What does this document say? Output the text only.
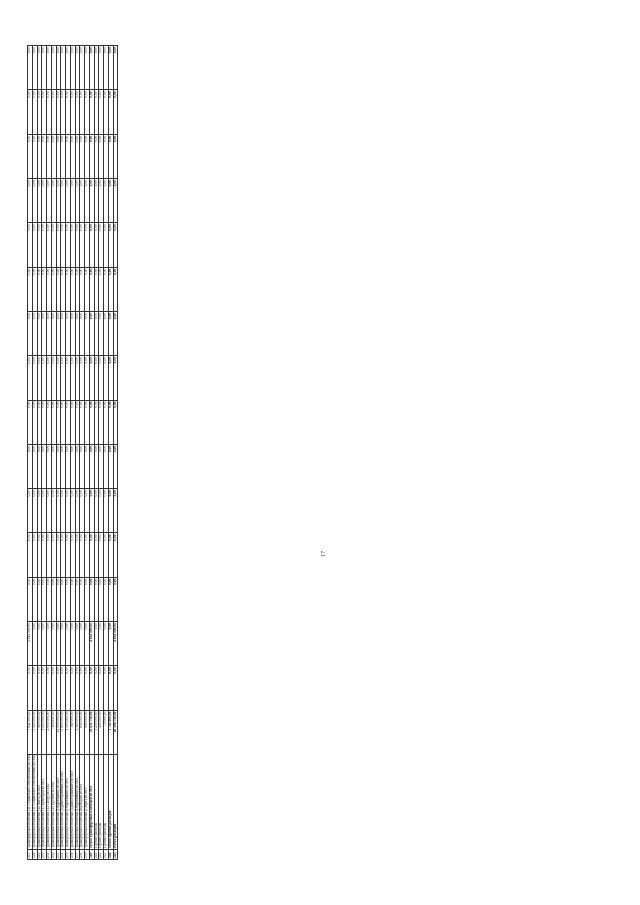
227	Трансфертные платежи (11 Социальное обеспечение) из МО	7 641 900,00	0,00	4 614 900,00	0,00	0,00	0,00	0,00	0,00	0,00	0,00	0,00	0,00	0,00	0,00	0,00	0,00
228	Трансфертные платежи (11 Социальное обеспечение) из МО	3 520 000,00	0,00	0,00	0,00	0,00	0,00	0,00	0,00	0,00	0,00	0,00	0,00	0,00	0,00	0,00	0,00
229	Трансфертные платежи (12 ЖКХ) из МО	400 000,00	0,00	0,00	0,00	0,00	0,00	0,00	0,00	0,00	0,00	0,00	0,00	0,00	0,00	0,00	0,00
230	Трансфертные платежи (13 Культура) из МО	1 200 000,00	0,00	0,00	0,00	0,00	0,00	0,00	0,00	0,00	0,00	0,00	0,00	0,00	0,00	0,00	0,00
231	Трансфертные платежи (14 Спорт) из МО	2 000 000,00	0,00	0,00	0,00	0,00	0,00	0,00	0,00	0,00	0,00	0,00	0,00	0,00	0,00	0,00	0,00
232	Трансфертные платежи (15 Прочие) из МО	159 850,00	0,00	0,00	0,00	0,00	0,00	0,00	0,00	0,00	0,00	0,00	0,00	0,00	0,00	0,00	0,00
233	Трансфертные платежи (Образование) из МО	12 500 000,00	0,00	0,00	0,00	0,00	0,00	0,00	0,00	0,00	0,00	0,00	0,00	0,00	0,00	0,00	0,00
234	Трансфертные платежи (Здравоохранение) из МО	5 800 000,00	0,00	0,00	0,00	0,00	0,00	0,00	0,00	0,00	0,00	0,00	0,00	0,00	0,00	0,00	0,00
235	Трансфертные платежи (Образование) из МО	1 300 000,00	0,00	0,00	0,00	0,00	0,00	0,00	0,00	0,00	0,00	0,00	0,00	0,00	0,00	0,00	0,00
236	Трансфертные платежи (Здравоохранение) из МО	780 000,00	0,00	0,00	0,00	0,00	0,00	0,00	0,00	0,00	0,00	0,00	0,00	0,00	0,00	0,00	0,00
237	Трансфертные платежи (Образование) из МО	2 100 000,00	0,00	0,00	0,00	0,00	0,00	0,00	0,00	0,00	0,00	0,00	0,00	0,00	0,00	0,00	0,00
238	Трансфертные платежи (Культура) из МО	650 000,00	0,00	0,00	0,00	0,00	0,00	0,00	0,00	0,00	0,00	0,00	0,00	0,00	0,00	0,00	0,00
239	Трансфертные платежи (Спорт) из МО	900 000,00	0,00	0,00	0,00	0,00	0,00	0,00	0,00	0,00	0,00	0,00	0,00	0,00	0,00	0,00	0,00
240	Итого трансфертных платежей из МО	38 851 750,00	0,00	4 614 900,00	0,00	0,00	0,00	0,00	0,00	0,00	0,00	0,00	0,00	0,00	0,00	0,00	0,00
241	Прочие расходы	1 250 000,00	0,00	0,00	0,00	0,00	0,00	0,00	0,00	0,00	0,00	0,00	0,00	0,00	0,00	0,00	0,00
242	Прочие расходы	420 000,00	0,00	0,00	0,00	0,00	0,00	0,00	0,00	0,00	0,00	0,00	0,00	0,00	0,00	0,00	0,00
243	Прочие расходы	75 000,00	0,00	0,00	0,00	0,00	0,00	0,00	0,00	0,00	0,00	0,00	0,00	0,00	0,00	0,00	0,00
244	Итого прочих расходов	1 745 000,00	0,00	0,00	0,00	0,00	0,00	0,00	0,00	0,00	0,00	0,00	0,00	0,00	0,00	0,00	0,00
245	Всего расходов	40 596 750,00	0,00	4 614 900,00	0,00	0,00	0,00	0,00	0,00	0,00	0,00	0,00	0,00	0,00	0,00	0,00	0,00
17
